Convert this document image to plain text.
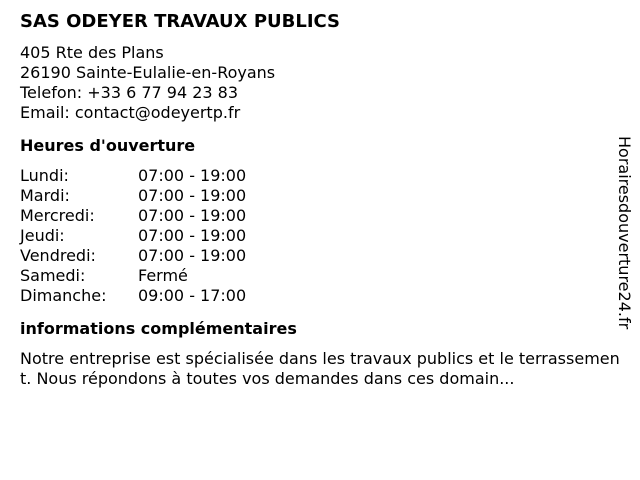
SAS ODEYER TRAVAUX PUBLICS
405 Rte des Plans
26190 Sainte-Eulalie-en-Royans
Telefon: +33 6 77 94 23 83
Email: contact@odeyertp.fr
Heures d'ouverture
Lundi:	07:00 - 19:00
Mardi:	07:00 - 19:00
Mercredi:	07:00 - 19:00
Jeudi:	07:00 - 19:00
Vendredi:	07:00 - 19:00
Samedi:	Fermé
Dimanche:	09:00 - 17:00
informations complémentaires
Notre entreprise est spécialisée dans les travaux publics et le terrassement. Nous répondons à toutes vos demandes dans ces domain...
Horairesdouverture24.fr
